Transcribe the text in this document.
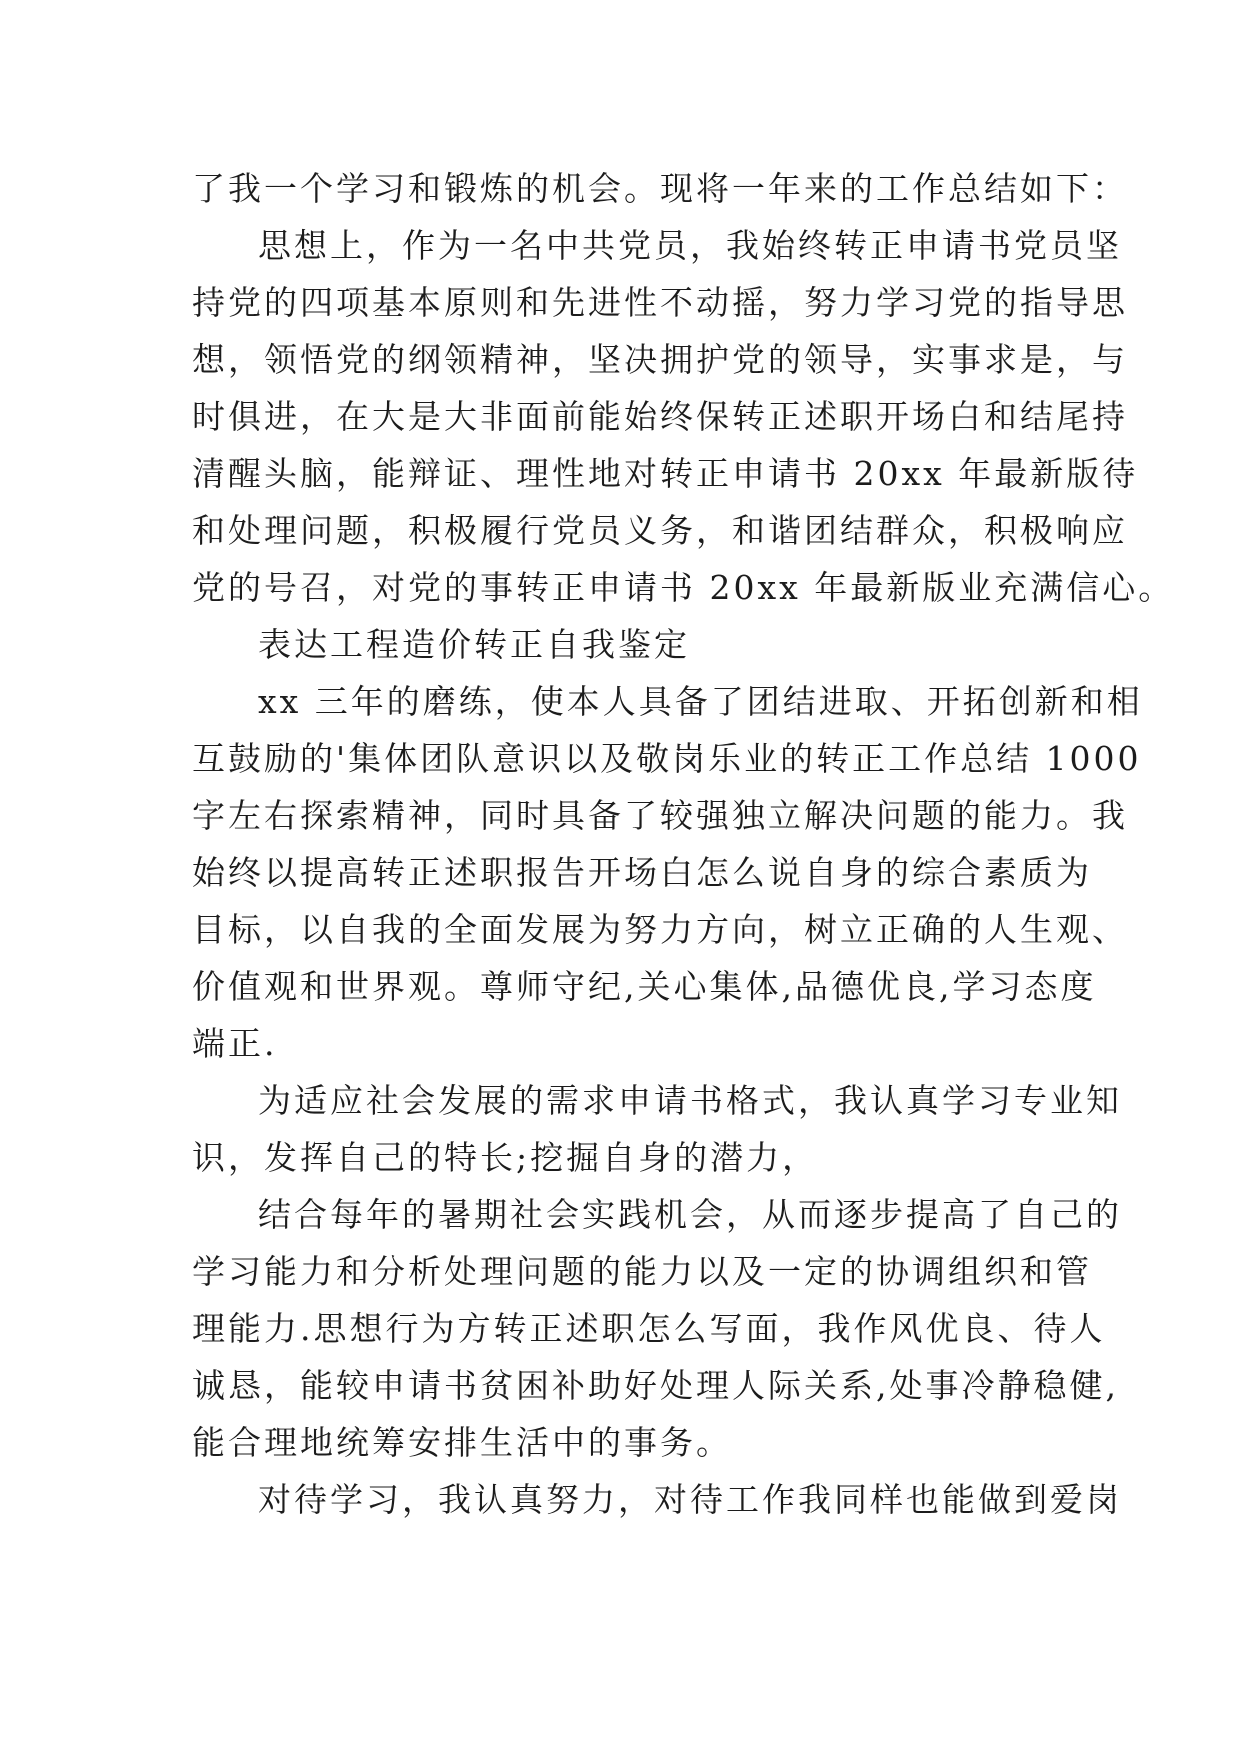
了我一个学习和锻炼的机会。现将一年来的工作总结如下：
思想上，作为一名中共党员，我始终转正申请书党员坚
持党的四项基本原则和先进性不动摇，努力学习党的指导思
想，领悟党的纲领精神，坚决拥护党的领导，实事求是，与
时俱进，在大是大非面前能始终保转正述职开场白和结尾持
清醒头脑，能辩证、理性地对转正申请书 20xx 年最新版待
和处理问题，积极履行党员义务，和谐团结群众，积极响应
党的号召，对党的事转正申请书 20xx 年最新版业充满信心。
表达工程造价转正自我鉴定
xx 三年的磨练，使本人具备了团结进取、开拓创新和相
互鼓励的'集体团队意识以及敬岗乐业的转正工作总结 1000
字左右探索精神，同时具备了较强独立解决问题的能力。我
始终以提高转正述职报告开场白怎么说自身的综合素质为
目标，以自我的全面发展为努力方向，树立正确的人生观、
价值观和世界观。尊师守纪,关心集体,品德优良,学习态度
端正.
为适应社会发展的需求申请书格式，我认真学习专业知
识，发挥自己的特长;挖掘自身的潜力，
结合每年的暑期社会实践机会，从而逐步提高了自己的
学习能力和分析处理问题的能力以及一定的协调组织和管
理能力.思想行为方转正述职怎么写面，我作风优良、待人
诚恳，能较申请书贫困补助好处理人际关系,处事冷静稳健,
能合理地统筹安排生活中的事务。
对待学习，我认真努力，对待工作我同样也能做到爱岗
